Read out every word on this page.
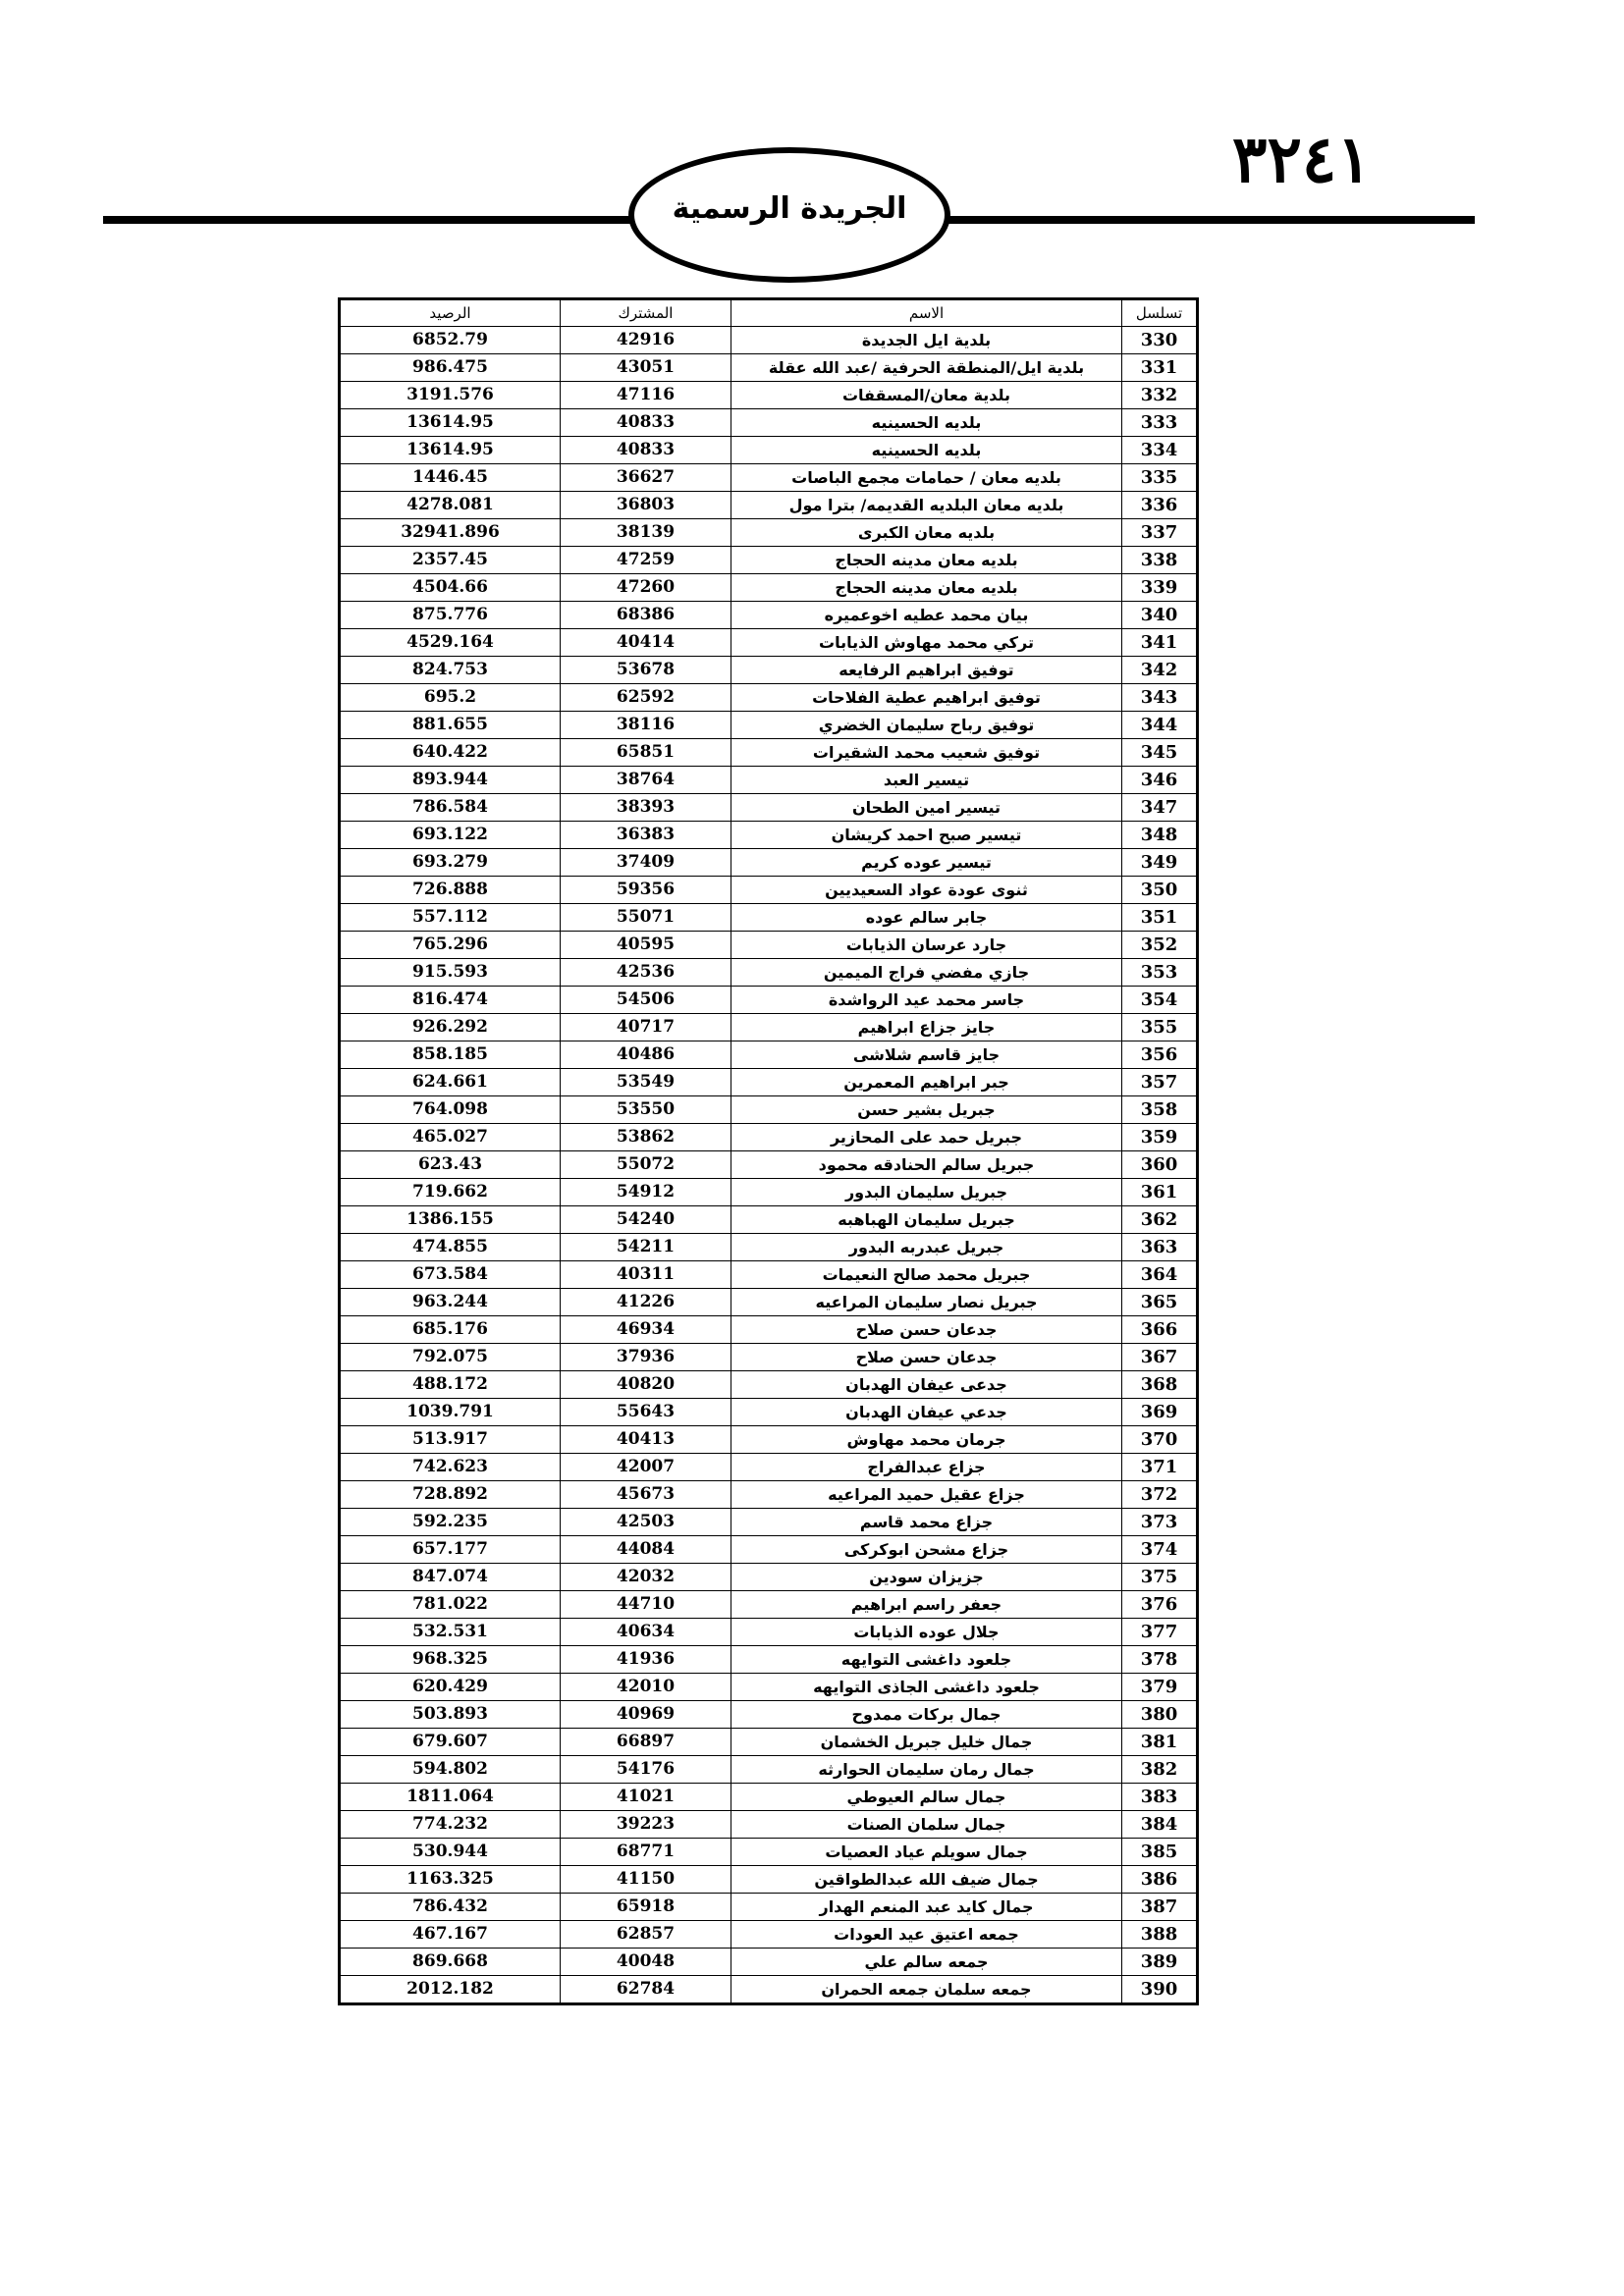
٣٢٤١
الجريدة الرسمية
تسلسل	الاسم	المشترك	الرصيد
330	بلدية ايل الجديدة	42916	6852.79
331	بلدية ايل/المنطقة الحرفية /عبد الله عقلة	43051	986.475
332	بلدية معان/المسقفات	47116	3191.576
333	بلديه الحسينيه	40833	13614.95
334	بلديه الحسينيه	40833	13614.95
335	بلديه معان / حمامات مجمع الباصات	36627	1446.45
336	بلديه معان البلديه القديمه/ بترا مول	36803	4278.081
337	بلديه معان الكبرى	38139	32941.896
338	بلديه معان مدينه الحجاج	47259	2357.45
339	بلديه معان مدينه الحجاج	47260	4504.66
340	بيان محمد عطيه اخوعميره	68386	875.776
341	تركي محمد مهاوش الذيابات	40414	4529.164
342	توفيق ابراهيم الرفايعه	53678	824.753
343	توفيق ابراهيم عطية الفلاحات	62592	695.2
344	توفيق رباح سليمان الخضري	38116	881.655
345	توفيق شعيب محمد الشقيرات	65851	640.422
346	تيسير العبد	38764	893.944
347	تيسير امين الطحان	38393	786.584
348	تيسير صبح احمد كريشان	36383	693.122
349	تيسير عوده كريم	37409	693.279
350	ثنوى عودة عواد السعيديين	59356	726.888
351	جابر سالم عوده	55071	557.112
352	جارد عرسان الذيابات	40595	765.296
353	جازي مفضي فراج الميمين	42536	915.593
354	جاسر محمد عيد الرواشدة	54506	816.474
355	جايز جزاع ابراهيم	40717	926.292
356	جايز قاسم شلاشى	40486	858.185
357	جبر ابراهيم المعمرين	53549	624.661
358	جبريل بشير حسن	53550	764.098
359	جبريل حمد على المحازير	53862	465.027
360	جبريل سالم الحنادقه محمود	55072	623.43
361	جبريل سليمان البدور	54912	719.662
362	جبريل سليمان الهباهبه	54240	1386.155
363	جبريل عبدربه البدور	54211	474.855
364	جبريل محمد صالح النعيمات	40311	673.584
365	جبريل نصار سليمان المراعيه	41226	963.244
366	جدعان حسن صلاح	46934	685.176
367	جدعان حسن صلاح	37936	792.075
368	جدعى عيفان الهدبان	40820	488.172
369	جدعي عيفان الهدبان	55643	1039.791
370	جرمان محمد مهاوش	40413	513.917
371	جزاع عبدالفراج	42007	742.623
372	جزاع عقيل حميد المراعيه	45673	728.892
373	جزاع محمد قاسم	42503	592.235
374	جزاع مشحن ابوكركى	44084	657.177
375	جزيزان سودين	42032	847.074
376	جعفر راسم ابراهيم	44710	781.022
377	جلال عوده الذيابات	40634	532.531
378	جلعود داغشى التوايهه	41936	968.325
379	جلعود داغشى الجاذى التوايهه	42010	620.429
380	جمال بركات ممدوح	40969	503.893
381	جمال خليل جبريل الخشمان	66897	679.607
382	جمال رمان سليمان الحوارثه	54176	594.802
383	جمال سالم العيوطي	41021	1811.064
384	جمال سلمان الصنات	39223	774.232
385	جمال سويلم عياد العصيات	68771	530.944
386	جمال ضيف الله عبدالطواقين	41150	1163.325
387	جمال كايد عبد المنعم الهدار	65918	786.432
388	جمعه اعتيق عيد العودات	62857	467.167
389	جمعه سالم علي	40048	869.668
390	جمعه سلمان جمعه الحمران	62784	2012.182
